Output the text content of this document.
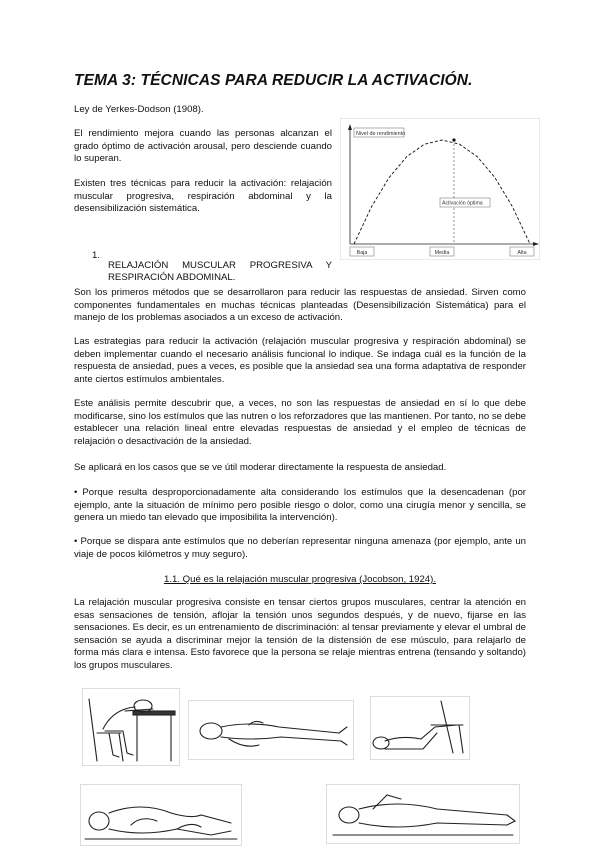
TEMA 3: TÉCNICAS PARA REDUCIR LA ACTIVACIÓN.

Ley de Yerkes-Dodson (1908).

El rendimiento mejora cuando las personas alcanzan el grado óptimo de activación arousal, pero desciende cuando lo superan.

Existen tres técnicas para reducir la activación: relajación muscular progresiva, respiración abdominal y la desensibilización sistemática.

Nivel de rendimiento
Activación óptima
Baja	Media	Alta
1.

RELAJACIÓN MUSCULAR PROGRESIVA Y RESPIRACIÓN ABDOMINAL.

Son los primeros métodos que se desarrollaron para reducir las respuestas de ansiedad. Sirven como componentes fundamentales en muchas técnicas planteadas (Desensibilización Sistemática) para el manejo de los problemas asociados a un exceso de activación.

Las estrategias para reducir la activación (relajación muscular progresiva y respiración abdominal) se deben implementar cuando el necesario análisis funcional lo indique. Se indaga cuál es la función de la respuesta de ansiedad, pues a veces, es posible que la ansiedad sea una forma adaptativa de responder ante ciertos estímulos ambientales.

Este análisis permite descubrir que, a veces, no son las respuestas de ansiedad en sí lo que debe modificarse, sino los estímulos que las nutren o los reforzadores que las mantienen. Por tanto, no se debe establecer una relación lineal entre elevadas respuestas de ansiedad y el empleo de técnicas de relajación o desactivación de la ansiedad.

Se aplicará en los casos que se ve útil moderar directamente la respuesta de ansiedad.

• Porque resulta desproporcionadamente alta considerando los estímulos que la desencadenan (por ejemplo, ante la situación de mínimo pero posible riesgo o dolor, como una cirugía menor y sencilla, se genera un miedo tan elevado que imposibilita la intervención).

• Porque se dispara ante estímulos que no deberían representar ninguna amenaza (por ejemplo, ante un viaje de pocos kilómetros y muy seguro).

1.1. Qué es la relajación muscular progresiva (Jocobson, 1924).

La relajación muscular progresiva consiste en tensar ciertos grupos musculares, centrar la atención en esas sensaciones de tensión, aflojar la tensión unos segundos después, y de nuevo, fijarse en las sensaciones. Es decir, es un entrenamiento de discriminación: al tensar previamente y elevar el umbral de sensación se ayuda a discriminar mejor la tensión de la distensión de ese músculo, para relajarlo de forma más clara e intensa. Esto favorece que la persona se relaje mientras entrena (tensando y soltando) los grupos musculares.
